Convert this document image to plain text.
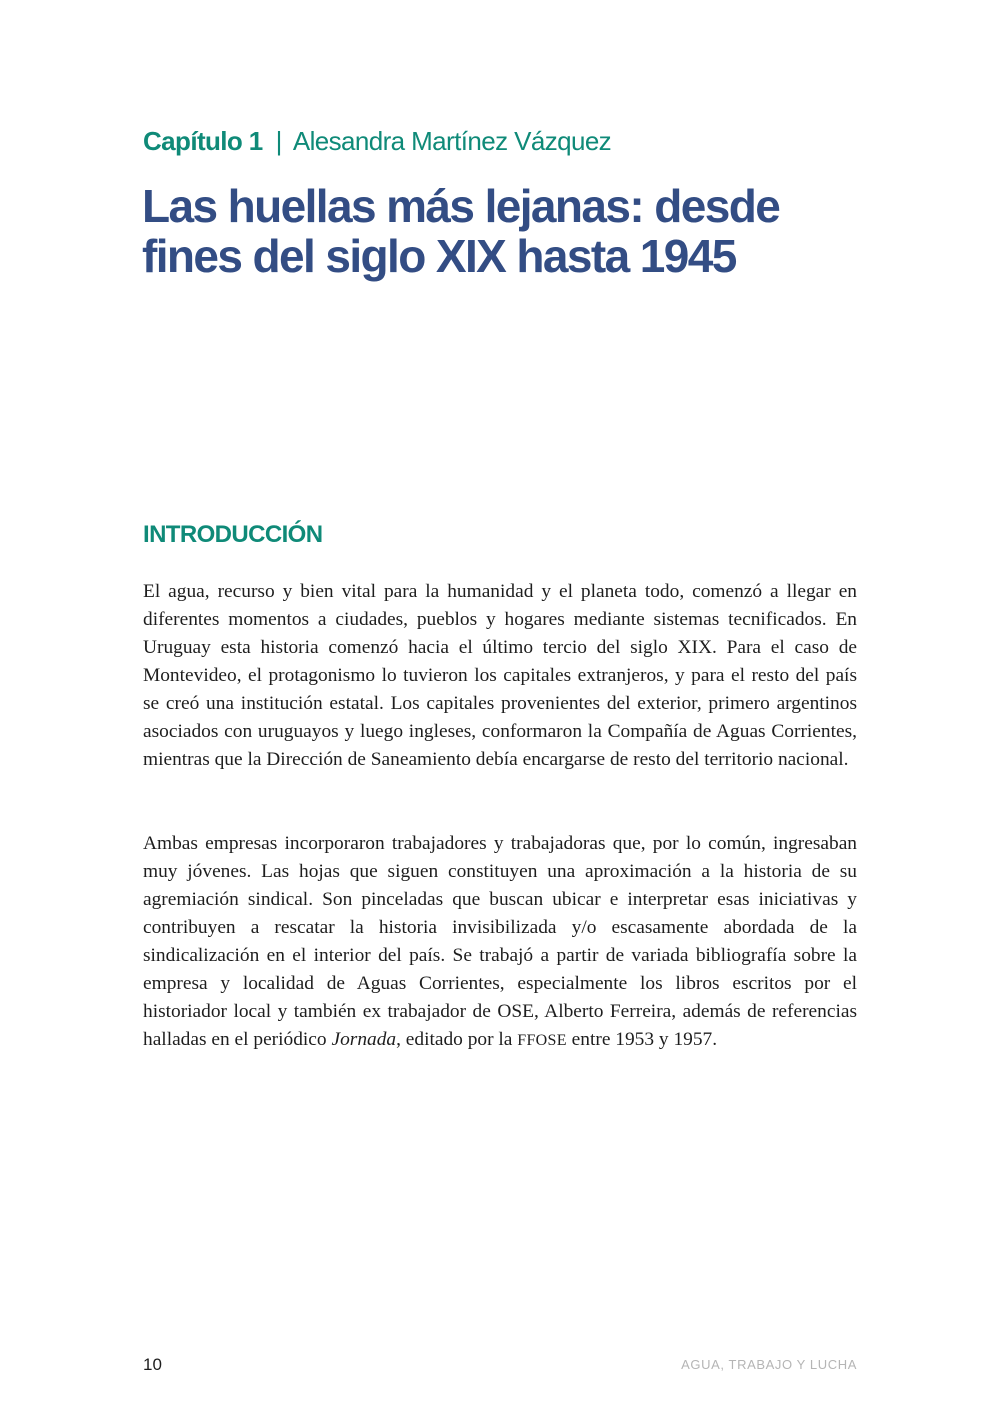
Capítulo 1 | Alesandra Martínez Vázquez
Las huellas más lejanas: desde
fines del siglo XIX hasta 1945
INTRODUCCIÓN

El agua, recurso y bien vital para la humanidad y el planeta todo, comenzó a llegar en diferentes momentos a ciudades, pueblos y hogares mediante sistemas tecnificados. En Uruguay esta historia comenzó hacia el último tercio del siglo XIX. Para el caso de Montevideo, el protagonismo lo tuvieron los capitales extranjeros, y para el resto del país se creó una institución estatal. Los capitales provenientes del exterior, primero argentinos asociados con uruguayos y luego ingleses, conformaron la Compañía de Aguas Corrientes, mientras que la Dirección de Saneamiento debía encargarse de resto del territorio nacional.

Ambas empresas incorporaron trabajadores y trabajadoras que, por lo común, ingresaban muy jóvenes. Las hojas que siguen constituyen una aproximación a la historia de su agremiación sindical. Son pinceladas que buscan ubicar e interpretar esas iniciativas y contribuyen a rescatar la historia invisibilizada y/o escasamente abordada de la sindicalización en el interior del país. Se trabajó a partir de variada bibliografía sobre la empresa y localidad de Aguas Corrientes, especialmente los libros escritos por el historiador local y también ex trabajador de OSE, Alberto Ferreira, además de referencias halladas en el periódico Jornada, editado por la FFOSE entre 1953 y 1957.

10	AGUA, TRABAJO Y LUCHA
